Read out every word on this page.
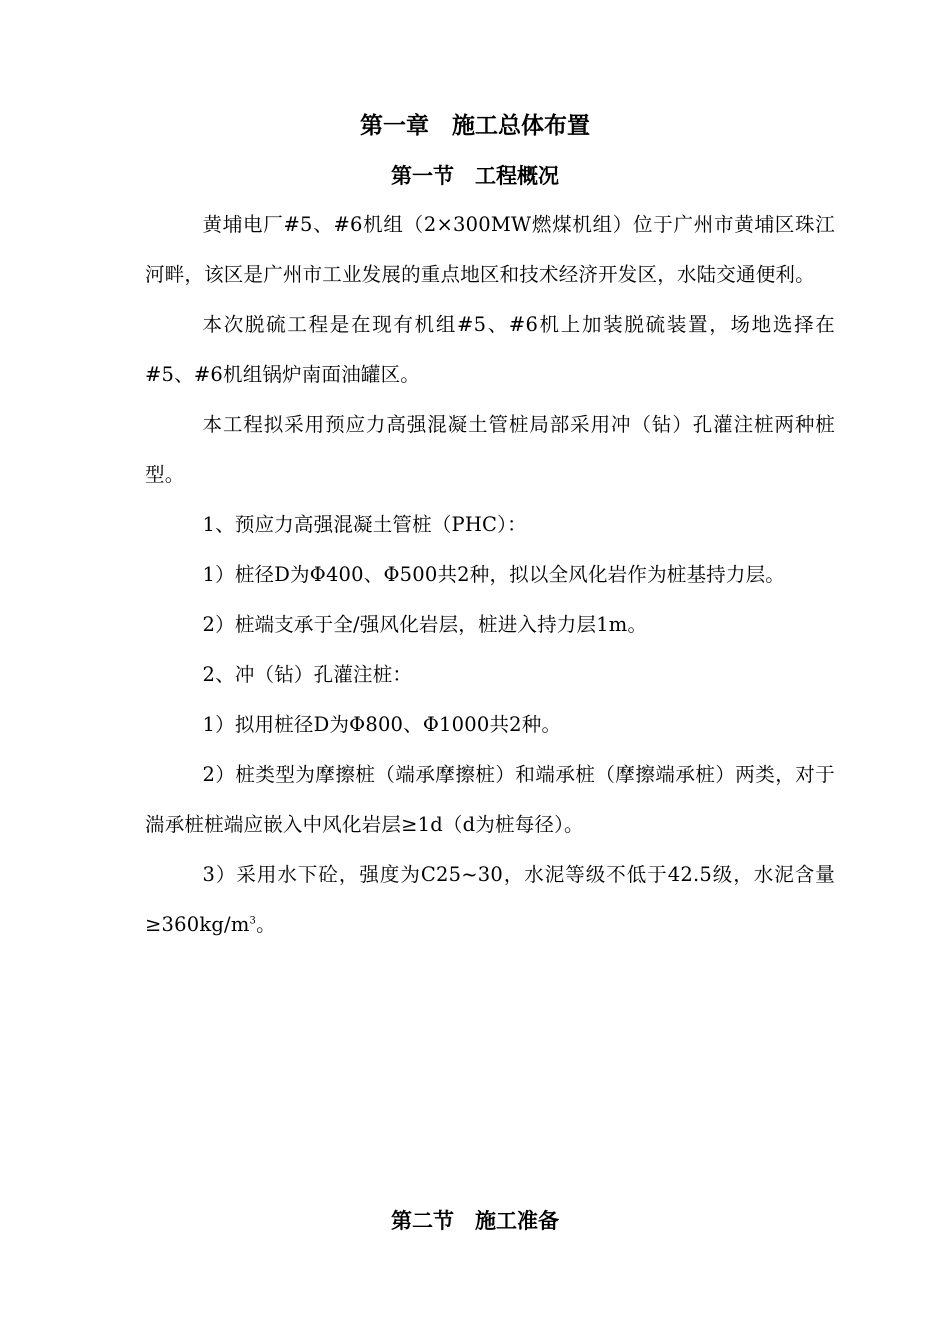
第一章　施工总体布置
第一节　工程概况

黄埔电厂#5、#6机组（2×300MW燃煤机组）位于广州市黄埔区珠江河畔，该区是广州市工业发展的重点地区和技术经济开发区，水陆交通便利。

本次脱硫工程是在现有机组#5、#6机上加装脱硫装置，场地选择在#5、#6机组锅炉南面油罐区。

本工程拟采用预应力高强混凝土管桩局部采用冲（钻）孔灌注桩两种桩型。

1、预应力高强混凝土管桩（PHC）：

1）桩径D为Φ400、Φ500共2种，拟以全风化岩作为桩基持力层。

2）桩端支承于全/强风化岩层，桩进入持力层1m。

2、冲（钻）孔灌注桩：

1）拟用桩径D为Φ800、Φ1000共2种。

2）桩类型为摩擦桩（端承摩擦桩）和端承桩（摩擦端承桩）两类，对于湍承桩桩端应嵌入中风化岩层≥1d（d为桩每径）。

3）采用水下砼，强度为C25~30，水泥等级不低于42.5级，水泥含量$\ge 360kg/m^3$。

第二节　施工准备
